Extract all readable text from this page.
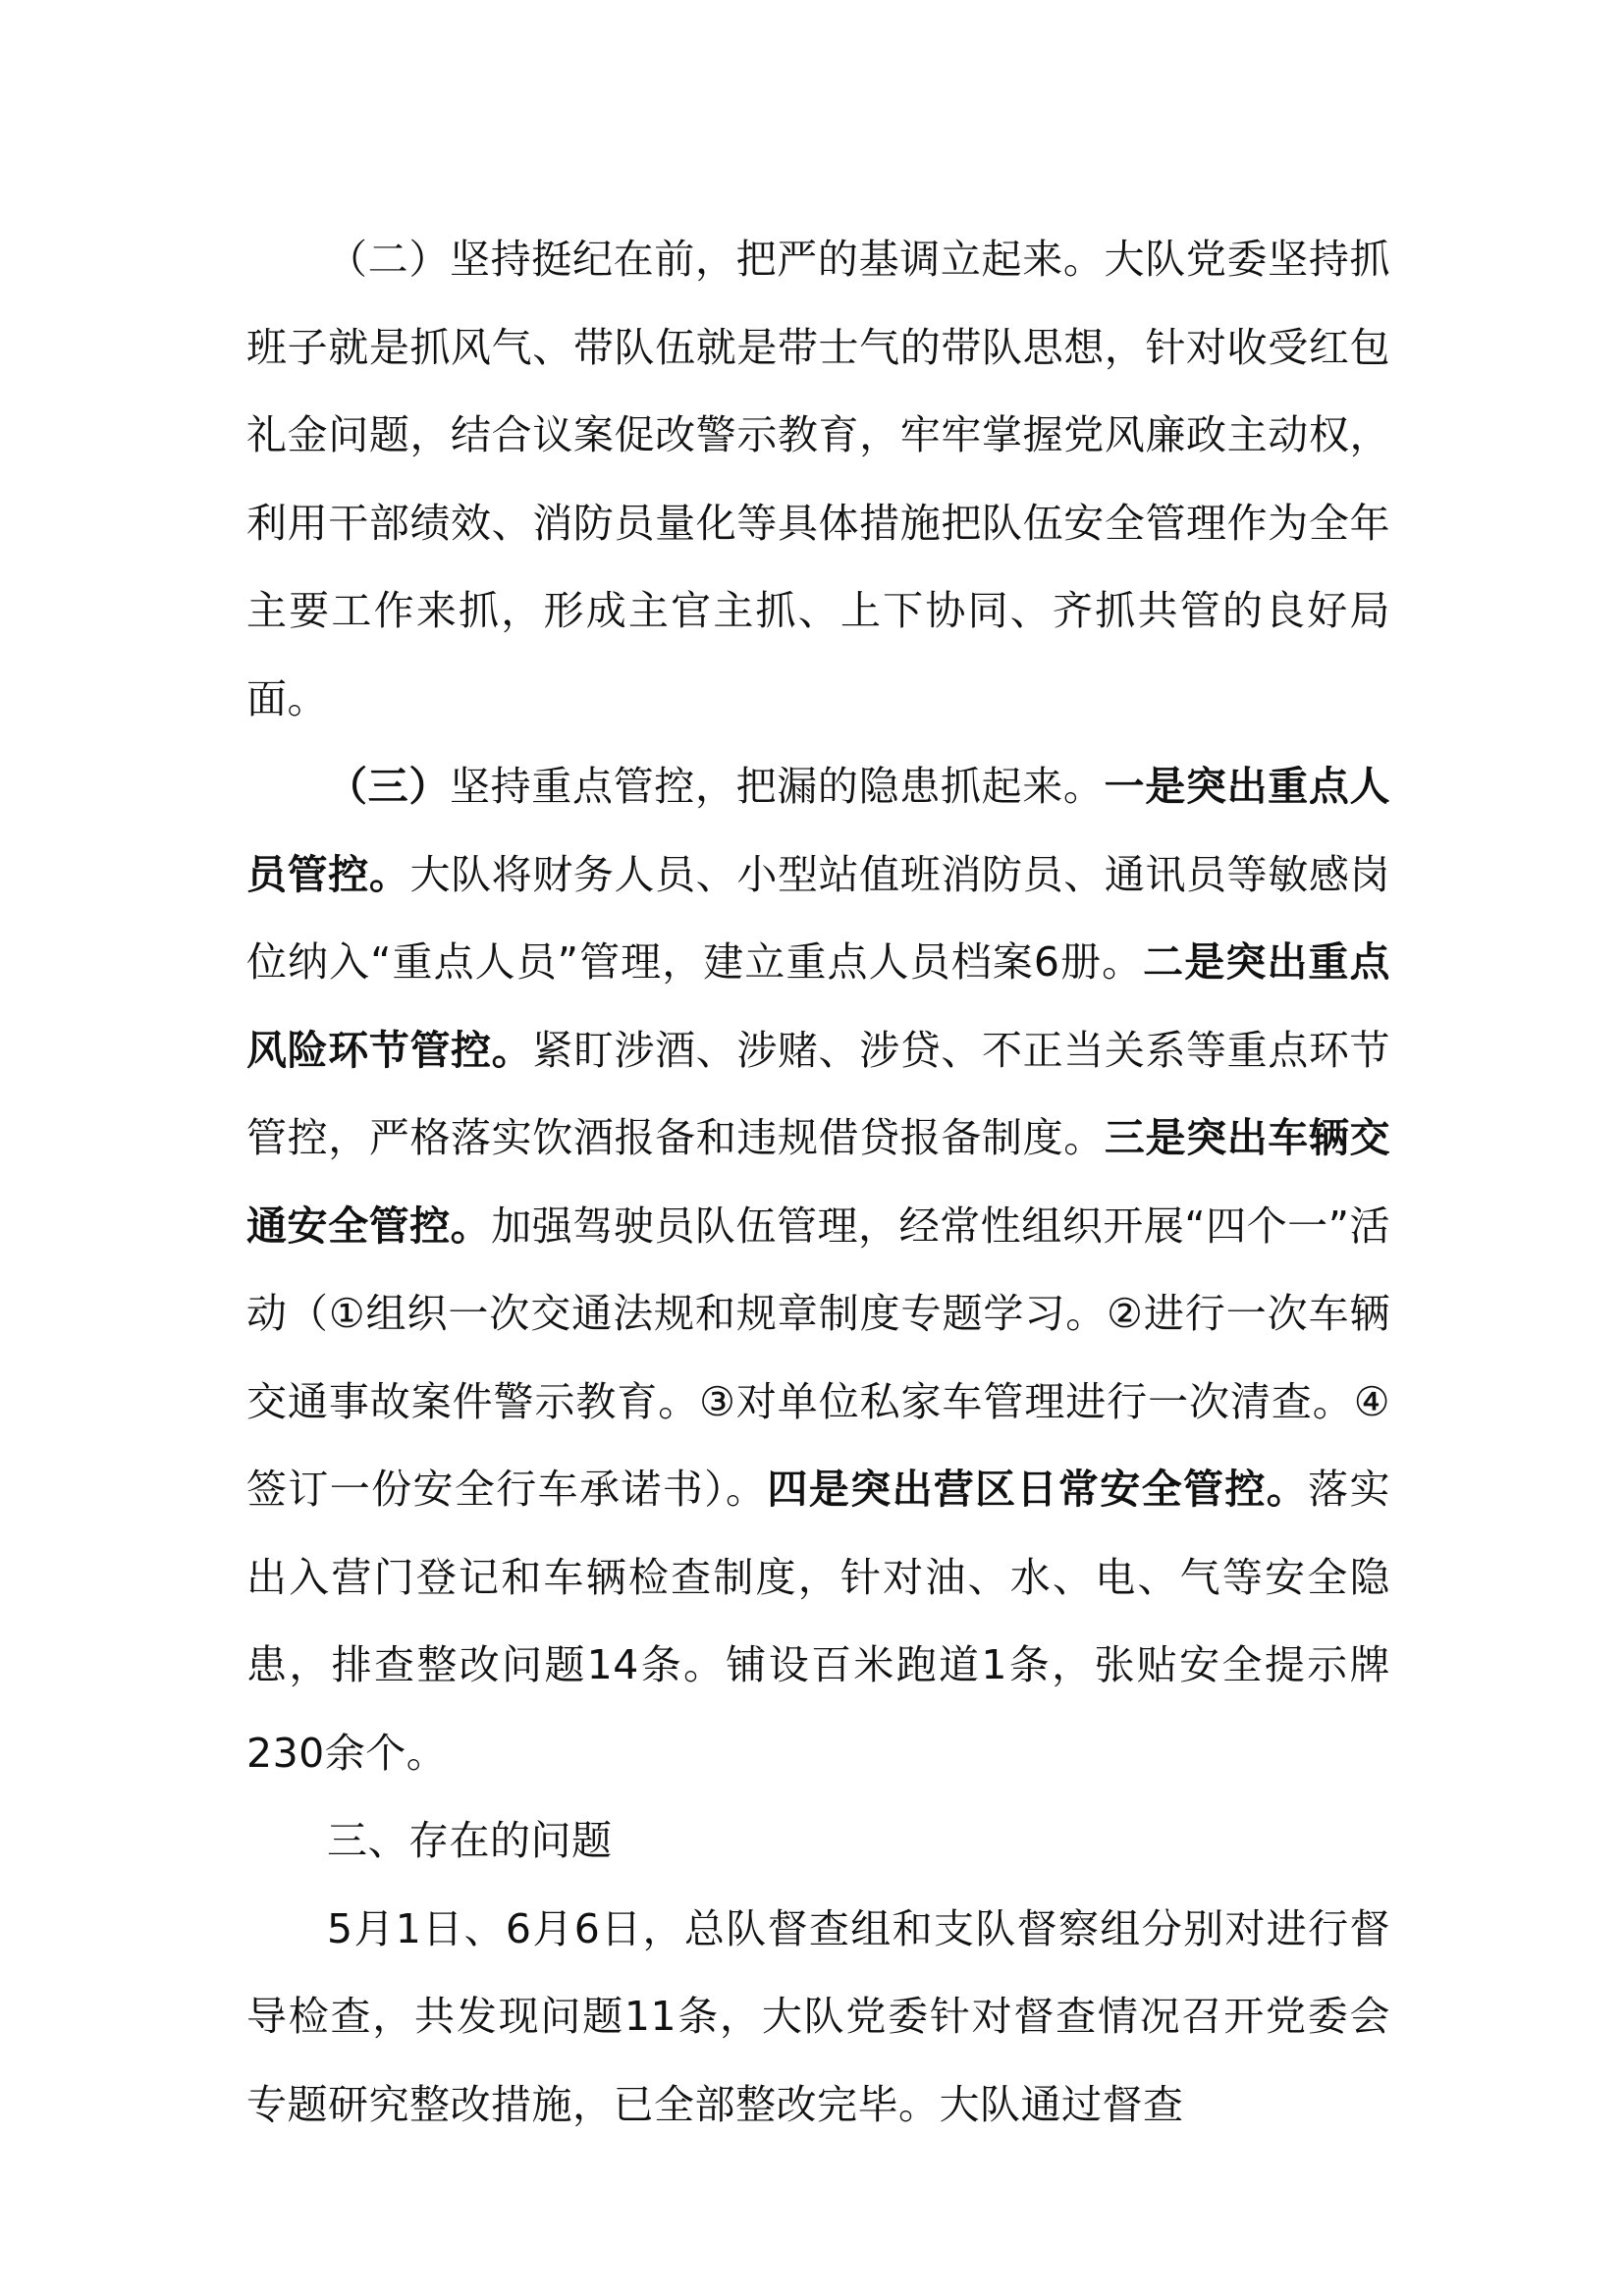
（二）坚持挺纪在前，把严的基调立起来。大队党委坚持抓班子就是抓风气、带队伍就是带士气的带队思想，针对收受红包礼金问题，结合议案促改警示教育，牢牢掌握党风廉政主动权，利用干部绩效、消防员量化等具体措施把队伍安全管理作为全年主要工作来抓，形成主官主抓、上下协同、齐抓共管的良好局面。

（三）坚持重点管控，把漏的隐患抓起来。一是突出重点人员管控。大队将财务人员、小型站值班消防员、通讯员等敏感岗位纳入“重点人员”管理，建立重点人员档案6册。二是突出重点风险环节管控。紧盯涉酒、涉赌、涉贷、不正当关系等重点环节管控，严格落实饮酒报备和违规借贷报备制度。三是突出车辆交通安全管控。加强驾驶员队伍管理，经常性组织开展“四个一”活动（①组织一次交通法规和规章制度专题学习。②进行一次车辆交通事故案件警示教育。③对单位私家车管理进行一次清查。④签订一份安全行车承诺书）。四是突出营区日常安全管控。落实出入营门登记和车辆检查制度，针对油、水、电、气等安全隐患，排查整改问题14条。铺设百米跑道1条，张贴安全提示牌230余个。

三、存在的问题

5月1日、6月6日，总队督查组和支队督察组分别对进行督导检查，共发现问题11条，大队党委针对督查情况召开党委会专题研究整改措施，已全部整改完毕。大队通过督查
